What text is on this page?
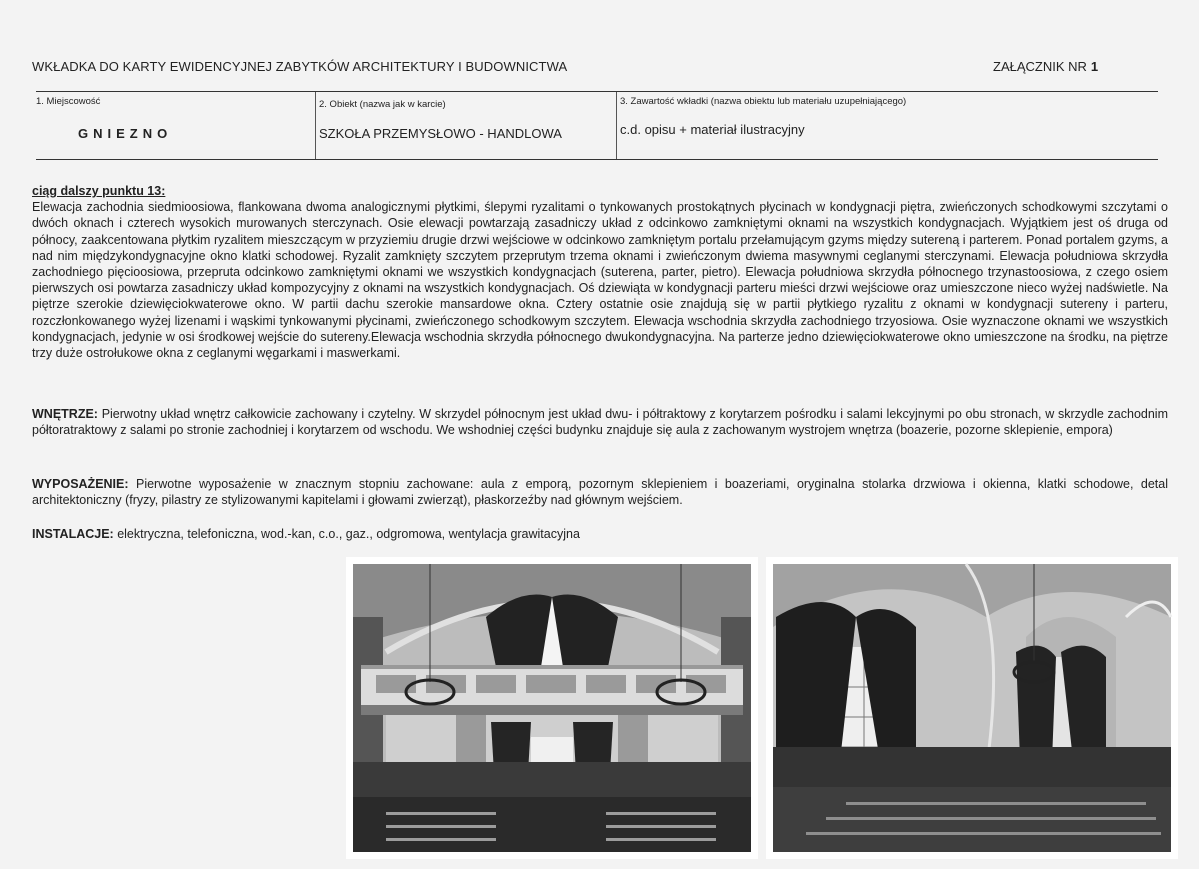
WKŁADKA DO KARTY EWIDENCYJNEJ ZABYTKÓW ARCHITEKTURY I BUDOWNICTWA	ZAŁĄCZNIK NR 1
1. Miejscowość
GNIEZNO
2. Obiekt (nazwa jak w karcie)
SZKOŁA PRZEMYSŁOWO - HANDLOWA
3. Zawartość wkładki (nazwa obiektu lub materiału uzupełniającego)
c.d. opisu + materiał ilustracyjny

ciąg dalszy punktu 13:

Elewacja zachodnia siedmioosiowa, flankowana dwoma analogicznymi płytkimi, ślepymi ryzalitami o tynkowanych prostokątnych płycinach w kondygnacji piętra, zwieńczonych schodkowymi szczytami o dwóch oknach i czterech wysokich murowanych sterczynach. Osie elewacji powtarzają zasadniczy układ z odcinkowo zamkniętymi oknami na wszystkich kondygnacjach. Wyjątkiem jest oś druga od północy, zaakcentowana płytkim ryzalitem mieszczącym w przyziemiu drugie drzwi wejściowe w odcinkowo zamkniętym portalu przełamującym gzyms między sutereną i parterem. Ponad portalem gzyms, a nad nim międzykondygnacyjne okno klatki schodowej. Ryzalit zamknięty szczytem przeprutym trzema oknami i zwieńczonym dwiema masywnymi ceglanymi sterczynami. Elewacja południowa skrzydła zachodniego pięcioosiowa, przepruta odcinkowo zamkniętymi oknami we wszystkich kondygnacjach (suterena, parter, pietro). Elewacja południowa skrzydła północnego trzynastoosiowa, z czego osiem pierwszych osi powtarza zasadniczy układ kompozycyjny z oknami na wszystkich kondygnacjach. Oś dziewiąta w kondygnacji parteru mieści drzwi wejściowe oraz umieszczone nieco wyżej nadświetle. Na piętrze szerokie dziewięciokwaterowe okno. W partii dachu szerokie mansardowe okna. Cztery ostatnie osie znajdują się w partii płytkiego ryzalitu z oknami w kondygnacji sutereny i parteru, rozczłonkowanego wyżej lizenami i wąskimi tynkowanymi płycinami, zwieńczonego schodkowym szczytem. Elewacja wschodnia skrzydła zachodniego trzyosiowa. Osie wyznaczone oknami we wszystkich kondygnacjach, jedynie w osi środkowej wejście do sutereny.Elewacja wschodnia skrzydła północnego dwukondygnacyjna. Na parterze jedno dziewięciokwaterowe okno umieszczone na środku, na piętrze trzy duże ostrołukowe okna z ceglanymi węgarkami i maswerkami.

WNĘTRZE: Pierwotny układ wnętrz całkowicie zachowany i czytelny. W skrzydel północnym jest układ dwu- i półtraktowy z korytarzem pośrodku i salami lekcyjnymi po obu stronach, w skrzydle zachodnim półtoratraktowy z salami po stronie zachodniej i korytarzem od wschodu. We wshodniej części budynku znajduje się aula z zachowanym wystrojem wnętrza (boazerie, pozorne sklepienie, empora)

WYPOSAŻENIE: Pierwotne wyposażenie w znacznym stopniu zachowane: aula z emporą, pozornym sklepieniem i boazeriami, oryginalna stolarka drzwiowa i okienna, klatki schodowe, detal architektoniczny (fryzy, pilastry ze stylizowanymi kapitelami i głowami zwierząt), płaskorzeźby nad głównym wejściem.

INSTALACJE: elektryczna, telefoniczna, wod.-kan, c.o., gaz., odgromowa, wentylacja grawitacyjna
